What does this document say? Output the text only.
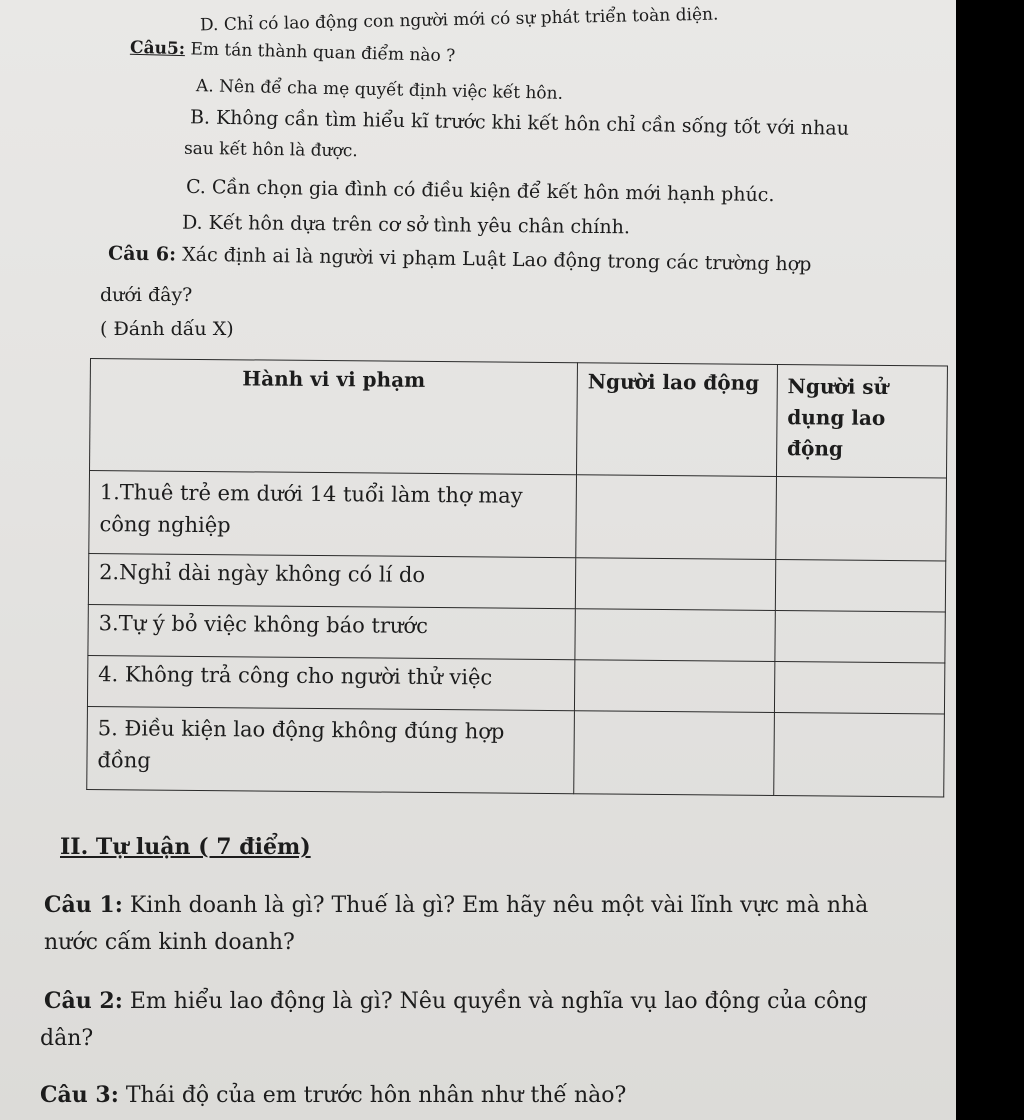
D. Chỉ có lao động con người mới có sự phát triển toàn diện.
Câu5: Em tán thành quan điểm nào ?
A. Nên để cha mẹ quyết định việc kết hôn.
B. Không cần tìm hiểu kĩ trước khi kết hôn chỉ cần sống tốt với nhau
sau kết hôn là được.
C. Cần chọn gia đình có điều kiện để kết hôn mới hạnh phúc.
D. Kết hôn dựa trên cơ sở tình yêu chân chính.
Câu 6: Xác định ai là người vi phạm Luật Lao động trong các trường hợp
dưới đây?
( Đánh dấu X)
Hành vi vi phạm	Người lao động	Người sử dụng lao động
1.Thuê trẻ em dưới 14 tuổi làm thợ may công nghiệp		
2.Nghỉ dài ngày không có lí do		
3.Tự ý bỏ việc không báo trước		
4. Không trả công cho người thử việc		
5. Điều kiện lao động không đúng hợp đồng		
II. Tự luận ( 7 điểm)
Câu 1: Kinh doanh là gì? Thuế là gì? Em hãy nêu một vài lĩnh vực mà nhà
nước cấm kinh doanh?
Câu 2: Em hiểu lao động là gì? Nêu quyền và nghĩa vụ lao động của công
dân?
Câu 3: Thái độ của em trước hôn nhân như thế nào?
